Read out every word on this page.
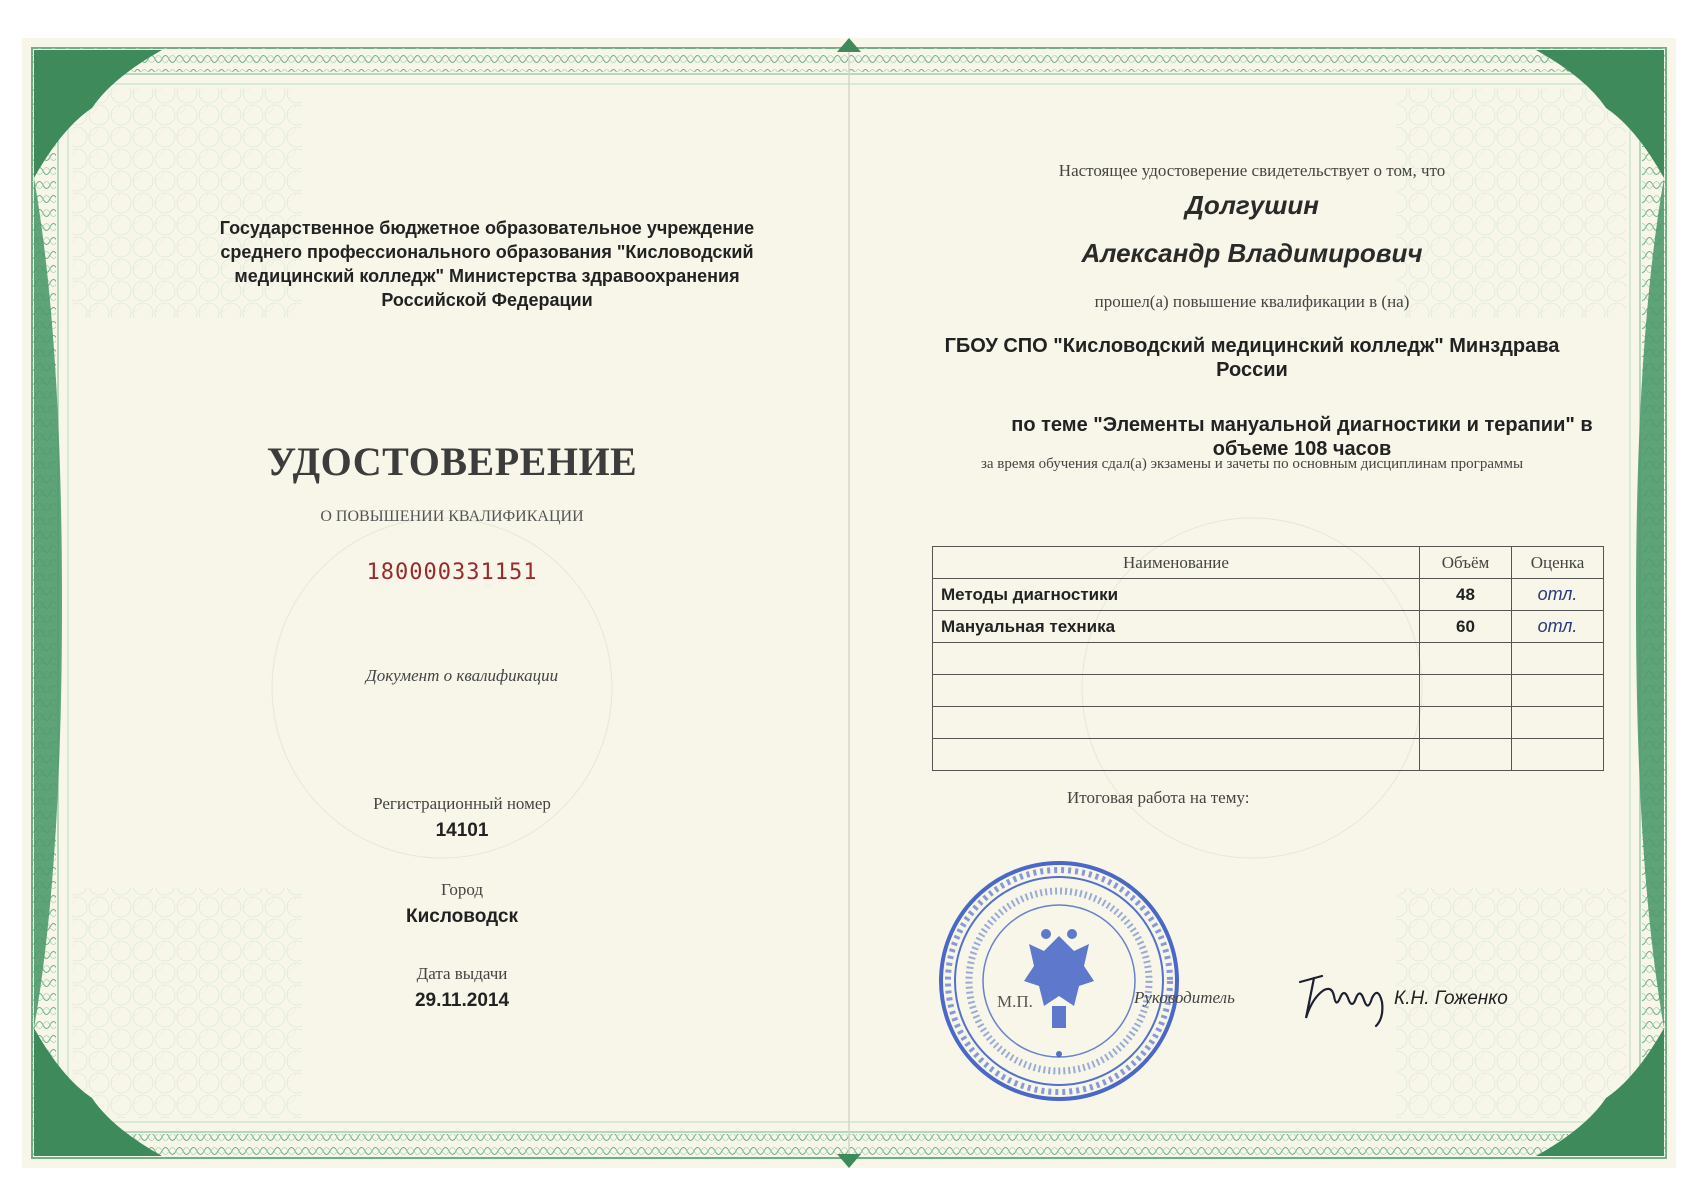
Государственное бюджетное образовательное учреждение среднего профессионального образования "Кисловодский медицинский колледж" Министерства здравоохранения Российской Федерации
УДОСТОВЕРЕНИЕ
О ПОВЫШЕНИИ КВАЛИФИКАЦИИ
180000331151
Документ о квалификации
Регистрационный номер
14101
Город
Кисловодск
Дата выдачи
29.11.2014
Настоящее удостоверение свидетельствует о том, что
Долгушин
Александр Владимирович
прошел(а) повышение квалификации в (на)
ГБОУ СПО "Кисловодский медицинский колледж" Минздрава России
по теме "Элементы мануальной диагностики и терапии" в объеме 108 часов
за время обучения сдал(а) экзамены и зачеты по основным дисциплинам программы
Наименование	Объём	Оценка
Методы диагностики	48	отл.
Мануальная техника	60	отл.

Итоговая работа на тему:
М.П.	Руководитель	К.Н. Гоженко
